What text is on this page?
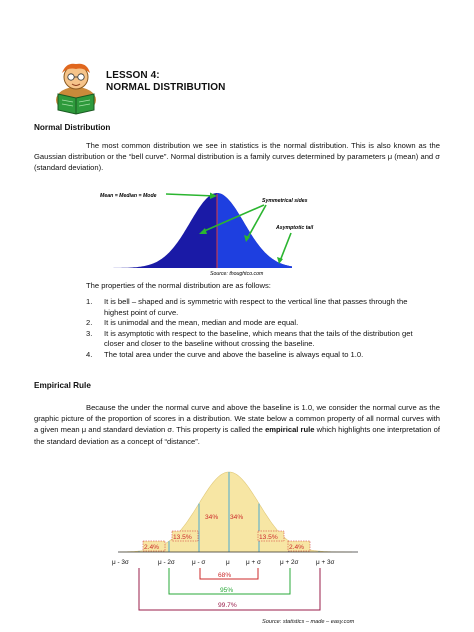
LESSON 4:
NORMAL DISTRIBUTION
Normal Distribution

The most common distribution we see in statistics is the normal distribution. This is also known as the Gaussian distribution or the “bell curve”. Normal distribution is a family curves determined by parameters μ (mean) and σ (standard deviation).

Mean = Median = Mode
Symmetrical sides
Asymptotic tail
Source: thoughtco.com
The properties of the normal distribution are as follows:
1. It is bell – shaped and is symmetric with respect to the vertical line that passes through the highest point of curve.
2. It is unimodal and the mean, median and mode are equal.
3. It is asymptotic with respect to the baseline, which means that the tails of the distribution get closer and closer to the baseline without crossing the baseline.
4. The total area under the curve and above the baseline is always equal to 1.0.
Empirical Rule

Because the under the normal curve and above the baseline is 1.0, we consider the normal curve as the graphic picture of the proportion of scores in a distribution. We state below a common property of all normal curves with a given mean μ and standard deviation σ. This property is called the empirical rule which highlights one interpretation of the standard deviation as a concept of “distance”.

34% 34%
13.5%	13.5%
2.4%	2.4%
μ - 3σ	μ - 2σ	μ - σ	μ	μ + σ	μ + 2σ	μ + 3σ
68%
95%
99.7%
Source: statistics – made – easy.com
